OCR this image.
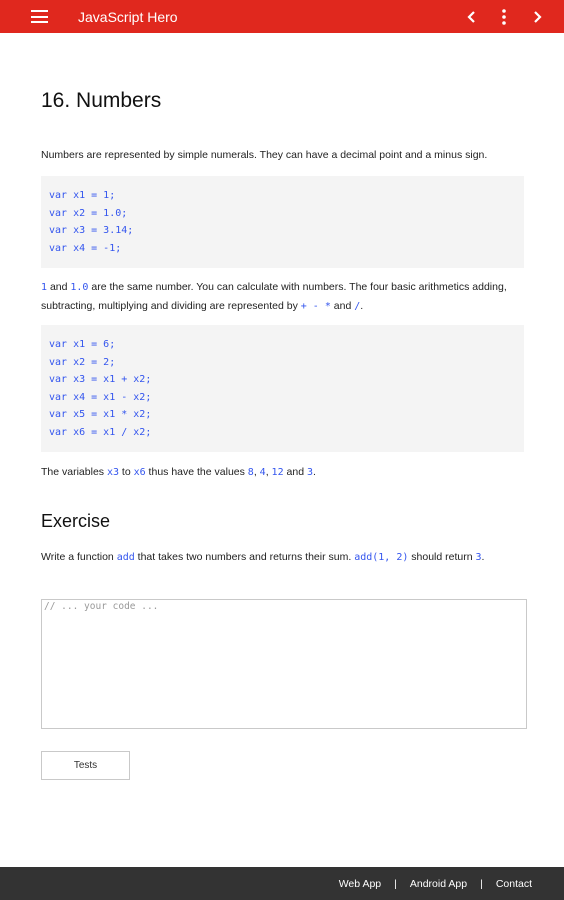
JavaScript Hero
16. Numbers

Numbers are represented by simple numerals. They can have a decimal point and a minus sign.

var x1 = 1;
var x2 = 1.0;
var x3 = 3.14;
var x4 = -1;

1 and 1.0 are the same number. You can calculate with numbers. The four basic arithmetics adding, subtracting, multiplying and dividing are represented by + - * and /.

var x1 = 6;
var x2 = 2;
var x3 = x1 + x2;
var x4 = x1 - x2;
var x5 = x1 * x2;
var x6 = x1 / x2;

The variables x3 to x6 thus have the values 8, 4, 12 and 3.

Exercise

Write a function add that takes two numbers and returns their sum. add(1, 2) should return 3.

// ... your code ...
Tests
Web App | Android App | Contact
